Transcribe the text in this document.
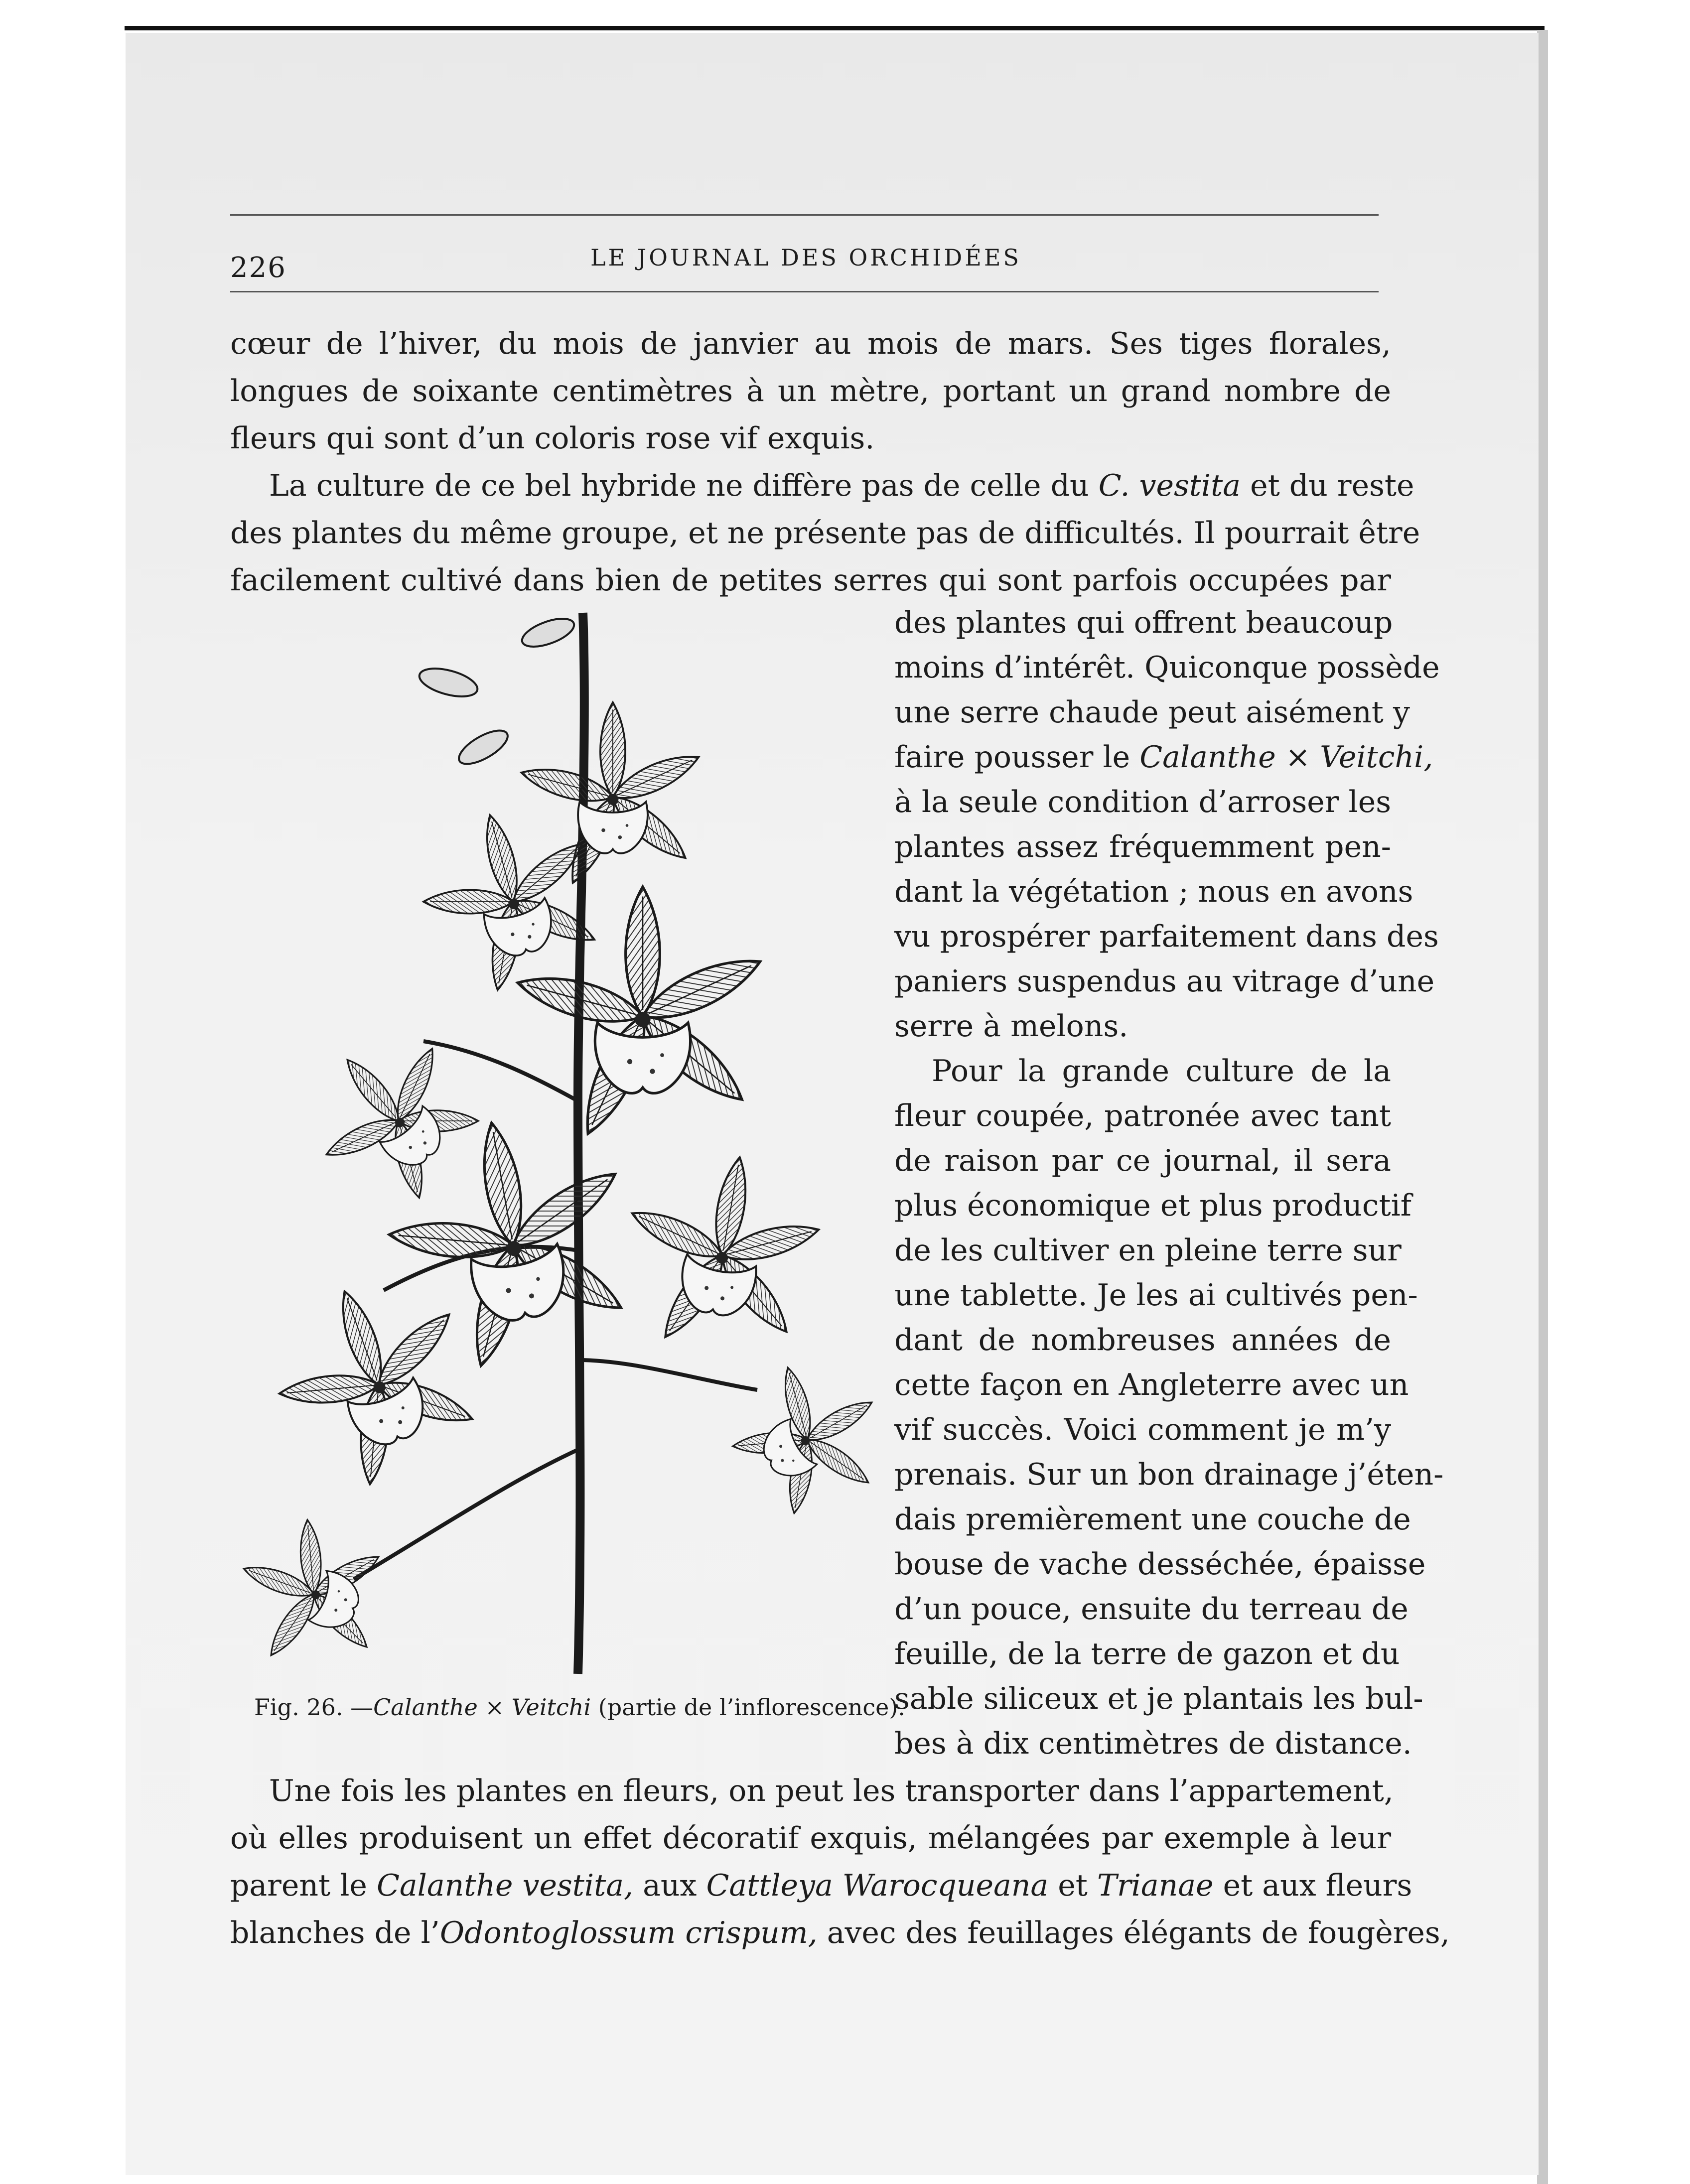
226	LE JOURNAL DES ORCHIDÉES
cœur de l’hiver, du mois de janvier au mois de mars. Ses tiges florales,
longues de soixante centimètres à un mètre, portant un grand nombre de
fleurs qui sont d’un coloris rose vif exquis.
La culture de ce bel hybride ne diffère pas de celle du C. vestita et du reste
des plantes du même groupe, et ne présente pas de difficultés. Il pourrait être
facilement cultivé dans bien de petites serres qui sont parfois occupées par
des plantes qui offrent beaucoup
moins d’intérêt. Quiconque possède
une serre chaude peut aisément y
faire pousser le Calanthe × Veitchi,
à la seule condition d’arroser les
plantes assez fréquemment pen-
dant la végétation ; nous en avons
vu prospérer parfaitement dans des
paniers suspendus au vitrage d’une
serre à melons.
Pour la grande culture de la
fleur coupée, patronée avec tant
de raison par ce journal, il sera
plus économique et plus productif
de les cultiver en pleine terre sur
une tablette. Je les ai cultivés pen-
dant de nombreuses années de
cette façon en Angleterre avec un
vif succès. Voici comment je m’y
prenais. Sur un bon drainage j’éten-
dais premièrement une couche de
bouse de vache desséchée, épaisse
d’un pouce, ensuite du terreau de
feuille, de la terre de gazon et du
sable siliceux et je plantais les bul-
bes à dix centimètres de distance.
Fig. 26. —Calanthe × Veitchi (partie de l’inflorescence).
Une fois les plantes en fleurs, on peut les transporter dans l’appartement,
où elles produisent un effet décoratif exquis, mélangées par exemple à leur
parent le Calanthe vestita, aux Cattleya Warocqueana et Trianae et aux fleurs
blanches de l’Odontoglossum crispum, avec des feuillages élégants de fougères,
